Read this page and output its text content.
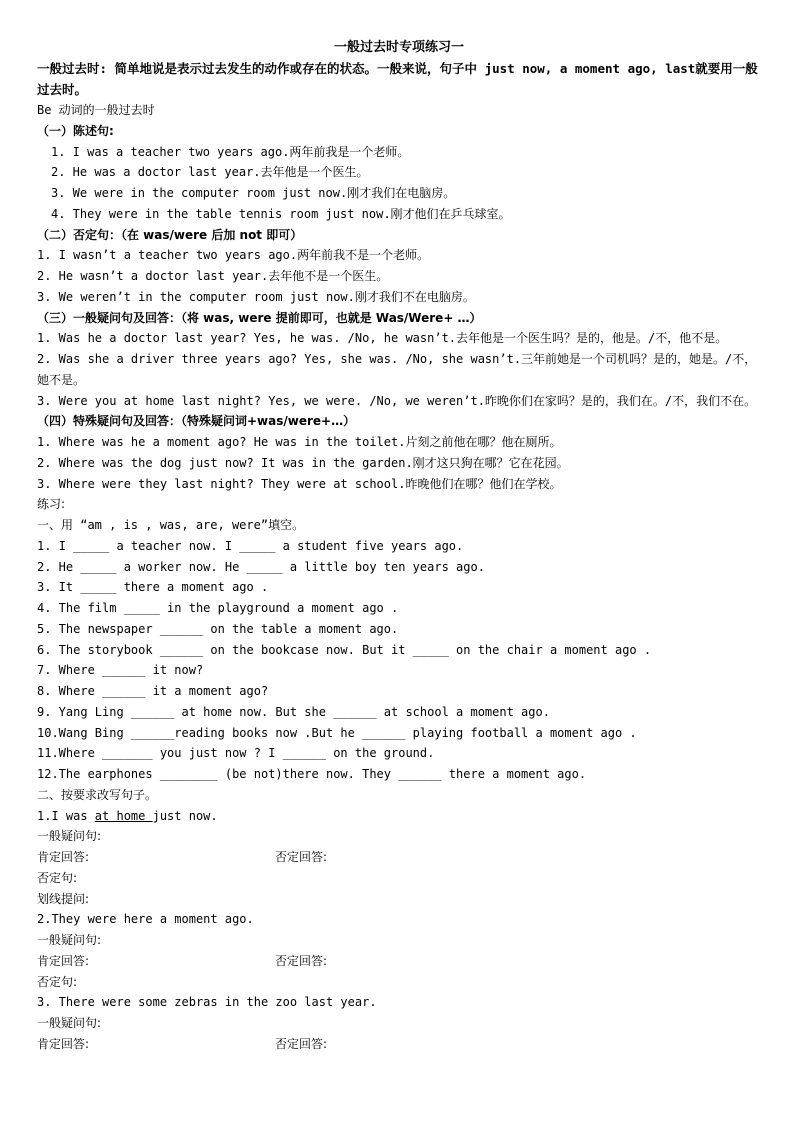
一般过去时专项练习一
一般过去时: 简单地说是表示过去发生的动作或存在的状态。一般来说，句子中 just now, a moment ago, last就要用一般过去时。
Be 动词的一般过去时
（一）陈述句:
1. I was a teacher two years ago.两年前我是一个老师。
2. He was a doctor last year.去年他是一个医生。
3. We were in the computer room just now.刚才我们在电脑房。
4. They were in the table tennis room just now.刚才他们在乒乓球室。
（二）否定句：（在 was/were 后加 not 即可）
1. I wasn’t a teacher two years ago.两年前我不是一个老师。
2. He wasn’t a doctor last year.去年他不是一个医生。
3. We weren’t in the computer room just now.刚才我们不在电脑房。
（三）一般疑问句及回答：（将 was, were 提前即可，也就是 Was/Were+ …）
1. Was he a doctor last year? Yes, he was. /No, he wasn’t.去年他是一个医生吗？是的，他是。/不，他不是。
2. Was she a driver three years ago? Yes, she was. /No, she wasn’t.三年前她是一个司机吗？是的，她是。/不，她不是。
3. Were you at home last night? Yes, we were. /No, we weren’t.昨晚你们在家吗？是的，我们在。/不，我们不在。
（四）特殊疑问句及回答：（特殊疑问词+was/were+…）
1. Where was he a moment ago? He was in the toilet.片刻之前他在哪？他在厕所。
2. Where was the dog just now? It was in the garden.刚才这只狗在哪？它在花园。
3. Where were they last night? They were at school.昨晚他们在哪？他们在学校。
练习:
一、用 “am , is , was, are, were”填空。
1. I _____ a teacher now. I _____ a student five years ago.
2. He _____ a worker now. He _____ a little boy ten years ago.
3. It _____ there a moment ago .
4. The film _____ in the playground a moment ago .
5. The newspaper ______ on the table a moment ago.
6. The storybook ______ on the bookcase now. But it _____ on the chair a moment ago .
7. Where ______ it now?
8. Where ______ it a moment ago?
9. Yang Ling ______ at home now. But she ______ at school a moment ago.
10.Wang Bing ______reading books now .But he ______ playing football a moment ago .
11.Where _______ you just now ? I ______ on the ground.
12.The earphones ________ (be not)there now. They ______ there a moment ago.
二、按要求改写句子。
1.I was at home just now.
一般疑问句:
肯定回答:	否定回答:
否定句:
划线提问:
2.They were here a moment ago.
一般疑问句:
肯定回答:	否定回答:
否定句:
3. There were some zebras in the zoo last year.
一般疑问句:
肯定回答:	否定回答:
